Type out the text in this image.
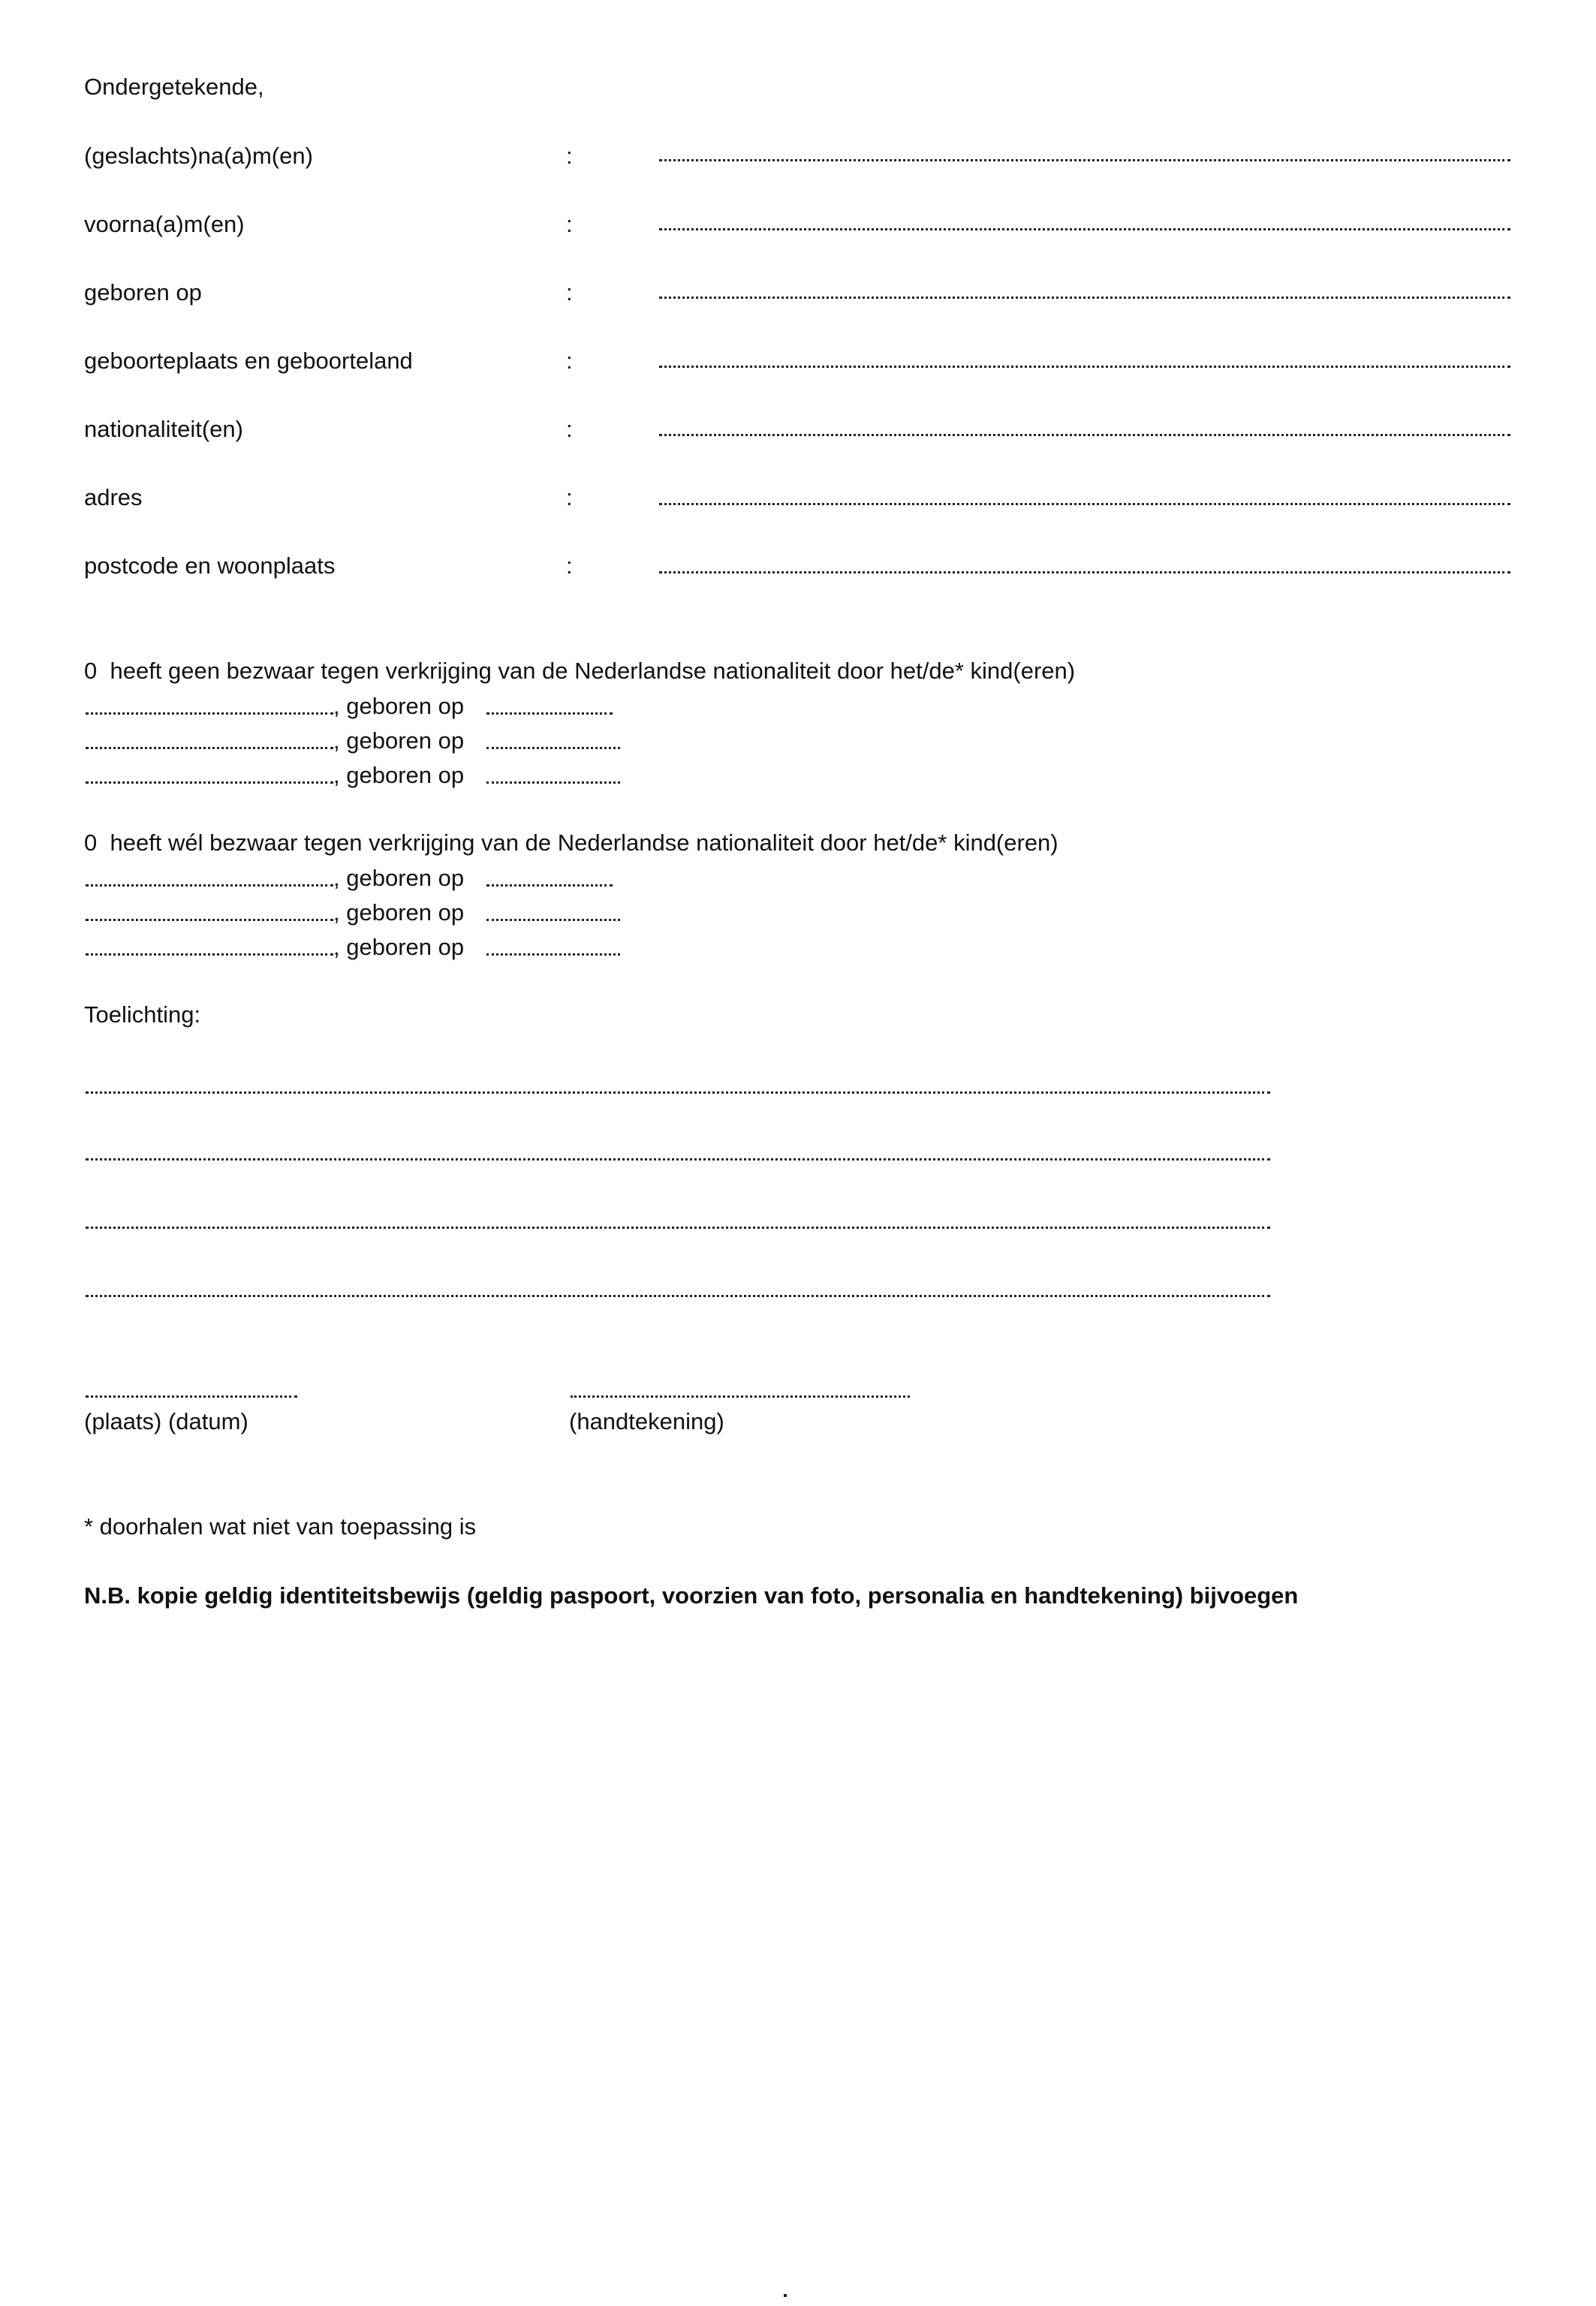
Ondergetekende,
(geslachts)na(a)m(en)	:
voorna(a)m(en)	:
geboren op	:
geboorteplaats en geboorteland	:
nationaliteit(en)	:
adres	:
postcode en woonplaats	:
0  heeft geen bezwaar tegen verkrijging van de Nederlandse nationaliteit door het/de* kind(eren)
, geboren op
, geboren op
, geboren op
0  heeft wél bezwaar tegen verkrijging van de Nederlandse nationaliteit door het/de* kind(eren)
, geboren op
, geboren op
, geboren op
Toelichting:
(plaats) (datum)	(handtekening)
* doorhalen wat niet van toepassing is
N.B. kopie geldig identiteitsbewijs (geldig paspoort, voorzien van foto, personalia en handtekening) bijvoegen
